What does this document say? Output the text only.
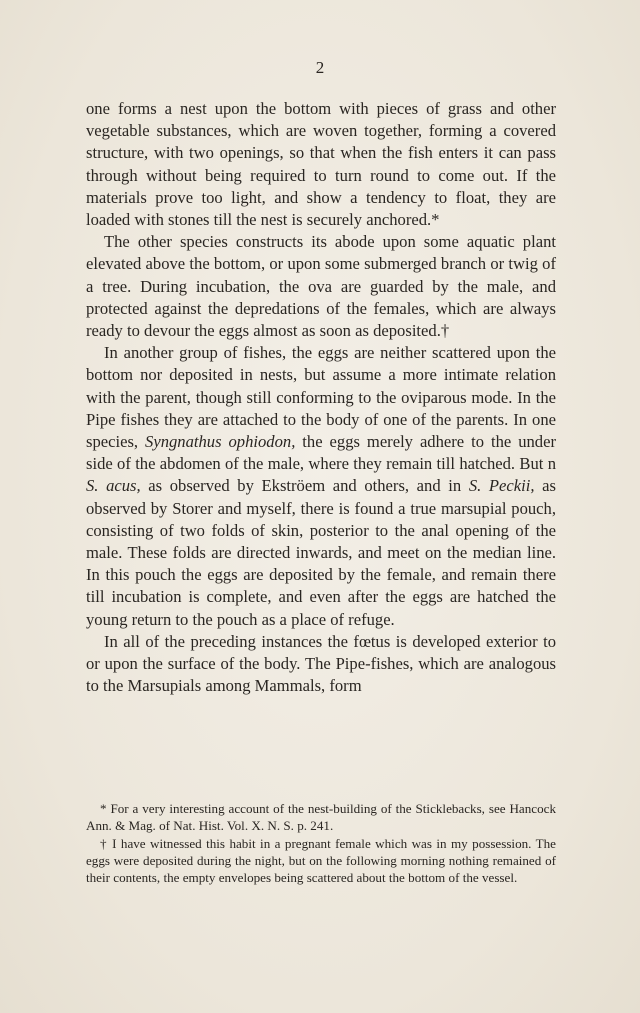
2

one forms a nest upon the bottom with pieces of grass and other vegetable substances, which are woven together, forming a covered structure, with two openings, so that when the fish enters it can pass through without being required to turn round to come out. If the materials prove too light, and show a tendency to float, they are loaded with stones till the nest is securely anchored.*

The other species constructs its abode upon some aquatic plant elevated above the bottom, or upon some submerged branch or twig of a tree. During incubation, the ova are guarded by the male, and protected against the depredations of the females, which are always ready to devour the eggs almost as soon as deposited.†

In another group of fishes, the eggs are neither scattered upon the bottom nor deposited in nests, but assume a more intimate relation with the parent, though still conforming to the oviparous mode. In the Pipe fishes they are attached to the body of one of the parents. In one species, Syngnathus ophiodon, the eggs merely adhere to the under side of the abdomen of the male, where they remain till hatched. But n S. acus, as observed by Ekströem and others, and in S. Peckii, as observed by Storer and myself, there is found a true marsupial pouch, consisting of two folds of skin, posterior to the anal opening of the male. These folds are directed inwards, and meet on the median line. In this pouch the eggs are deposited by the female, and remain there till incubation is complete, and even after the eggs are hatched the young return to the pouch as a place of refuge.

In all of the preceding instances the fœtus is developed exterior to or upon the surface of the body. The Pipe-fishes, which are analogous to the Marsupials among Mammals, form

* For a very interesting account of the nest-building of the Sticklebacks, see Hancock Ann. & Mag. of Nat. Hist. Vol. X. N. S. p. 241.

† I have witnessed this habit in a pregnant female which was in my possession. The eggs were deposited during the night, but on the following morning nothing remained of their contents, the empty envelopes being scattered about the bottom of the vessel.
